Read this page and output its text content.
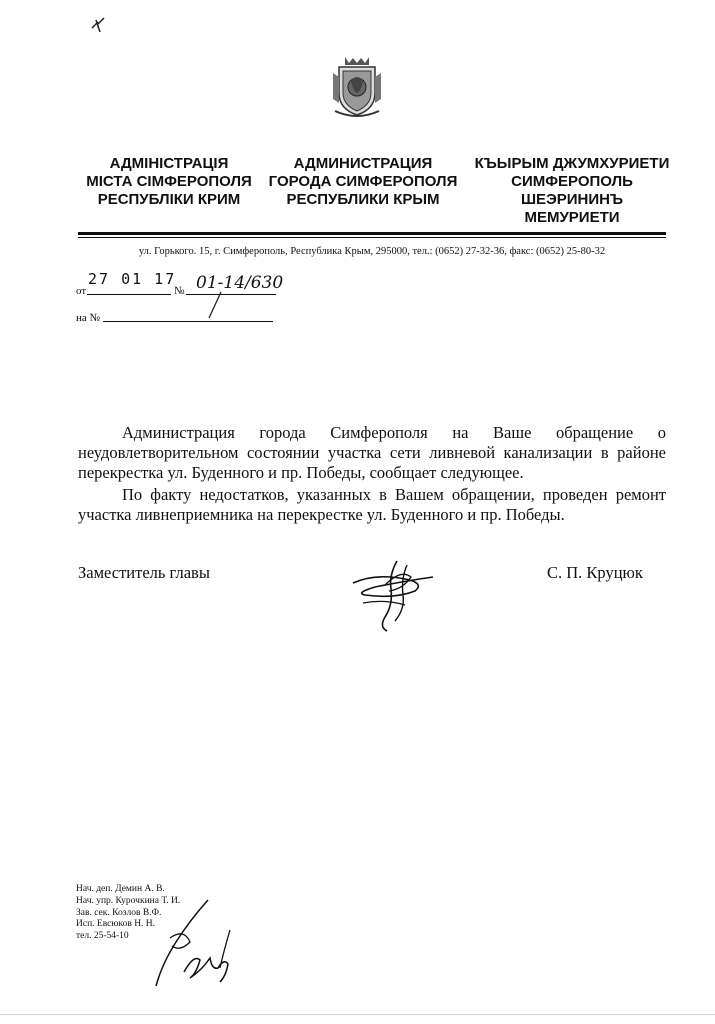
АДМІНІСТРАЦІЯ
МІСТА СІМФЕРОПОЛЯ
РЕСПУБЛІКИ КРИМ
АДМИНИСТРАЦИЯ
ГОРОДА СИМФЕРОПОЛЯ
РЕСПУБЛИКИ КРЫМ
КЪЫРЫМ ДЖУМХУРИЕТИ
СИМФЕРОПОЛЬ
ШЕЭРИНИНЪ
МЕМУРИЕТИ
ул. Горького. 15, г. Симферополь, Республика Крым, 295000, тел.: (0652) 27-32-36, факс: (0652) 25-80-32
от
27 01 17
№ 01-14/630
на №
Администрация города Симферополя на Ваше обращение о неудовлетворительном состоянии участка сети ливневой канализации в районе перекрестка ул. Буденного и пр. Победы, сообщает следующее.
По факту недостатков, указанных в Вашем обращении, проведен ремонт участка ливнеприемника на перекрестке ул. Буденного и пр. Победы.
Заместитель главы	С. П. Круцюк
Нач. деп. Демин А. В.
Нач. упр. Курочкина Т. И.
Зав. сек. Козлов В.Ф.
Исп. Евсюков Н. Н.
тел. 25-54-10
